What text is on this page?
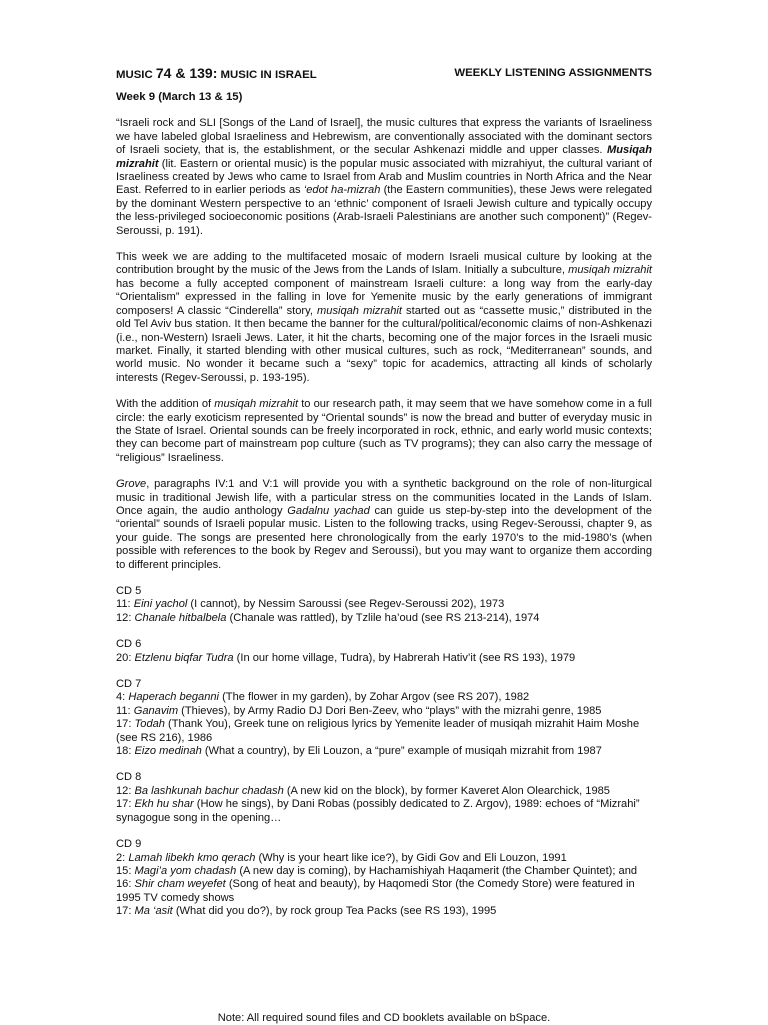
MUSIC 74 & 139: MUSIC IN ISRAEL	WEEKLY LISTENING ASSIGNMENTS
Week 9 (March 13 & 15)

“Israeli rock and SLI [Songs of the Land of Israel], the music cultures that express the variants of Israeliness we have labeled global Israeliness and Hebrewism, are conventionally associated with the dominant sectors of Israeli society, that is, the establishment, or the secular Ashkenazi middle and upper classes. Musiqah mizrahit (lit. Eastern or oriental music) is the popular music associated with mizrahiyut, the cultural variant of Israeliness created by Jews who came to Israel from Arab and Muslim countries in North Africa and the Near East. Referred to in earlier periods as ‘edot ha-mizrah (the Eastern communities), these Jews were relegated by the dominant Western perspective to an ‘ethnic’ component of Israeli Jewish culture and typically occupy the less-privileged socioeconomic positions (Arab-Israeli Palestinians are another such component)” (Regev-Seroussi, p. 191).

This week we are adding to the multifaceted mosaic of modern Israeli musical culture by looking at the contribution brought by the music of the Jews from the Lands of Islam. Initially a subculture, musiqah mizrahit has become a fully accepted component of mainstream Israeli culture: a long way from the early-day “Orientalism” expressed in the falling in love for Yemenite music by the early generations of immigrant composers! A classic “Cinderella” story, musiqah mizrahit started out as “cassette music,” distributed in the old Tel Aviv bus station. It then became the banner for the cultural/political/economic claims of non-Ashkenazi (i.e., non-Western) Israeli Jews. Later, it hit the charts, becoming one of the major forces in the Israeli music market. Finally, it started blending with other musical cultures, such as rock, “Mediterranean” sounds, and world music. No wonder it became such a “sexy” topic for academics, attracting all kinds of scholarly interests (Regev-Seroussi, p. 193-195).

With the addition of musiqah mizrahit to our research path, it may seem that we have somehow come in a full circle: the early exoticism represented by “Oriental sounds” is now the bread and butter of everyday music in the State of Israel. Oriental sounds can be freely incorporated in rock, ethnic, and early world music contexts; they can become part of mainstream pop culture (such as TV programs); they can also carry the message of “religious” Israeliness.

Grove, paragraphs IV:1 and V:1 will provide you with a synthetic background on the role of non-liturgical music in traditional Jewish life, with a particular stress on the communities located in the Lands of Islam. Once again, the audio anthology Gadalnu yachad can guide us step-by-step into the development of the “oriental” sounds of Israeli popular music. Listen to the following tracks, using Regev-Seroussi, chapter 9, as your guide. The songs are presented here chronologically from the early 1970’s to the mid-1980’s (when possible with references to the book by Regev and Seroussi), but you may want to organize them according to different principles.

CD 5
11: Eini yachol (I cannot), by Nessim Saroussi (see Regev-Seroussi 202), 1973
12: Chanale hitbalbela (Chanale was rattled), by Tzlile ha’oud (see RS 213-214), 1974
CD 6
20: Etzlenu biqfar Tudra (In our home village, Tudra), by Habrerah Hativ’it (see RS 193), 1979
CD 7
4: Haperach beganni (The flower in my garden), by Zohar Argov (see RS 207), 1982
11: Ganavim (Thieves), by Army Radio DJ Dori Ben-Zeev, who “plays” with the mizrahi genre, 1985
17: Todah (Thank You), Greek tune on religious lyrics by Yemenite leader of musiqah mizrahit Haim Moshe (see RS 216), 1986
18: Eizo medinah (What a country), by Eli Louzon, a “pure” example of musiqah mizrahit from 1987
CD 8
12: Ba lashkunah bachur chadash (A new kid on the block), by former Kaveret Alon Olearchick, 1985
17: Ekh hu shar (How he sings), by Dani Robas (possibly dedicated to Z. Argov), 1989: echoes of “Mizrahi” synagogue song in the opening…
CD 9
2: Lamah libekh kmo qerach (Why is your heart like ice?), by Gidi Gov and Eli Louzon, 1991
15: Magi’a yom chadash (A new day is coming), by Hachamishiyah Haqamerit (the Chamber Quintet); and 16: Shir cham weyefet (Song of heat and beauty), by Haqomedi Stor (the Comedy Store) were featured in 1995 TV comedy shows
17: Ma ‘asit (What did you do?), by rock group Tea Packs (see RS 193), 1995
Note: All required sound files and CD booklets available on bSpace.
